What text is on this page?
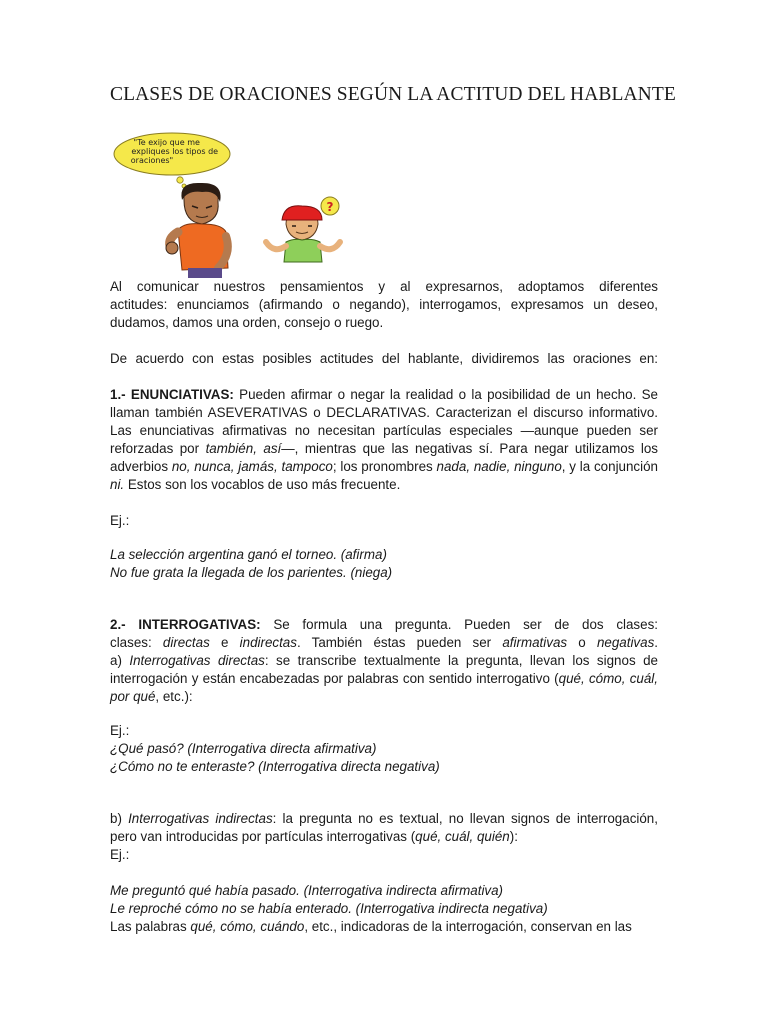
CLASES DE ORACIONES SEGÚN LA ACTITUD DEL HABLANTE
"Te exijo que me expliques los tipos de oraciones"
?
Al comunicar nuestros pensamientos y al expresarnos, adoptamos diferentes
actitudes: enunciamos (afirmando o negando), interrogamos, expresamos un deseo,
dudamos, damos una orden, consejo o ruego.
De acuerdo con estas posibles actitudes del hablante, dividiremos las oraciones en:
1.- ENUNCIATIVAS: Pueden afirmar o negar la realidad o la posibilidad de un hecho. Se llaman también ASEVERATIVAS o DECLARATIVAS. Caracterizan el discurso informativo. Las enunciativas afirmativas no necesitan partículas especiales —aunque pueden ser reforzadas por también, así—, mientras que las negativas sí. Para negar utilizamos los adverbios no, nunca, jamás, tampoco; los pronombres nada, nadie, ninguno, y la conjunción ni. Estos son los vocablos de uso más frecuente.
Ej.:
La selección argentina ganó el torneo. (afirma)
No fue grata la llegada de los parientes. (niega)
2.- INTERROGATIVAS: Se formula una pregunta. Pueden ser de dos clases:
clases: directas e indirectas. También éstas pueden ser afirmativas o negativas.
a) Interrogativas directas: se transcribe textualmente la pregunta, llevan los signos de interrogación y están encabezadas por palabras con sentido interrogativo (qué, cómo, cuál, por qué, etc.):
Ej.:
¿Qué pasó? (Interrogativa directa afirmativa)
¿Cómo no te enteraste? (Interrogativa directa negativa)
b) Interrogativas indirectas: la pregunta no es textual, no llevan signos de interrogación, pero van introducidas por partículas interrogativas (qué, cuál, quién):
Ej.:
Me preguntó qué había pasado. (Interrogativa indirecta afirmativa)
Le reproché cómo no se había enterado. (Interrogativa indirecta negativa)
Las palabras qué, cómo, cuándo, etc., indicadoras de la interrogación, conservan en las
